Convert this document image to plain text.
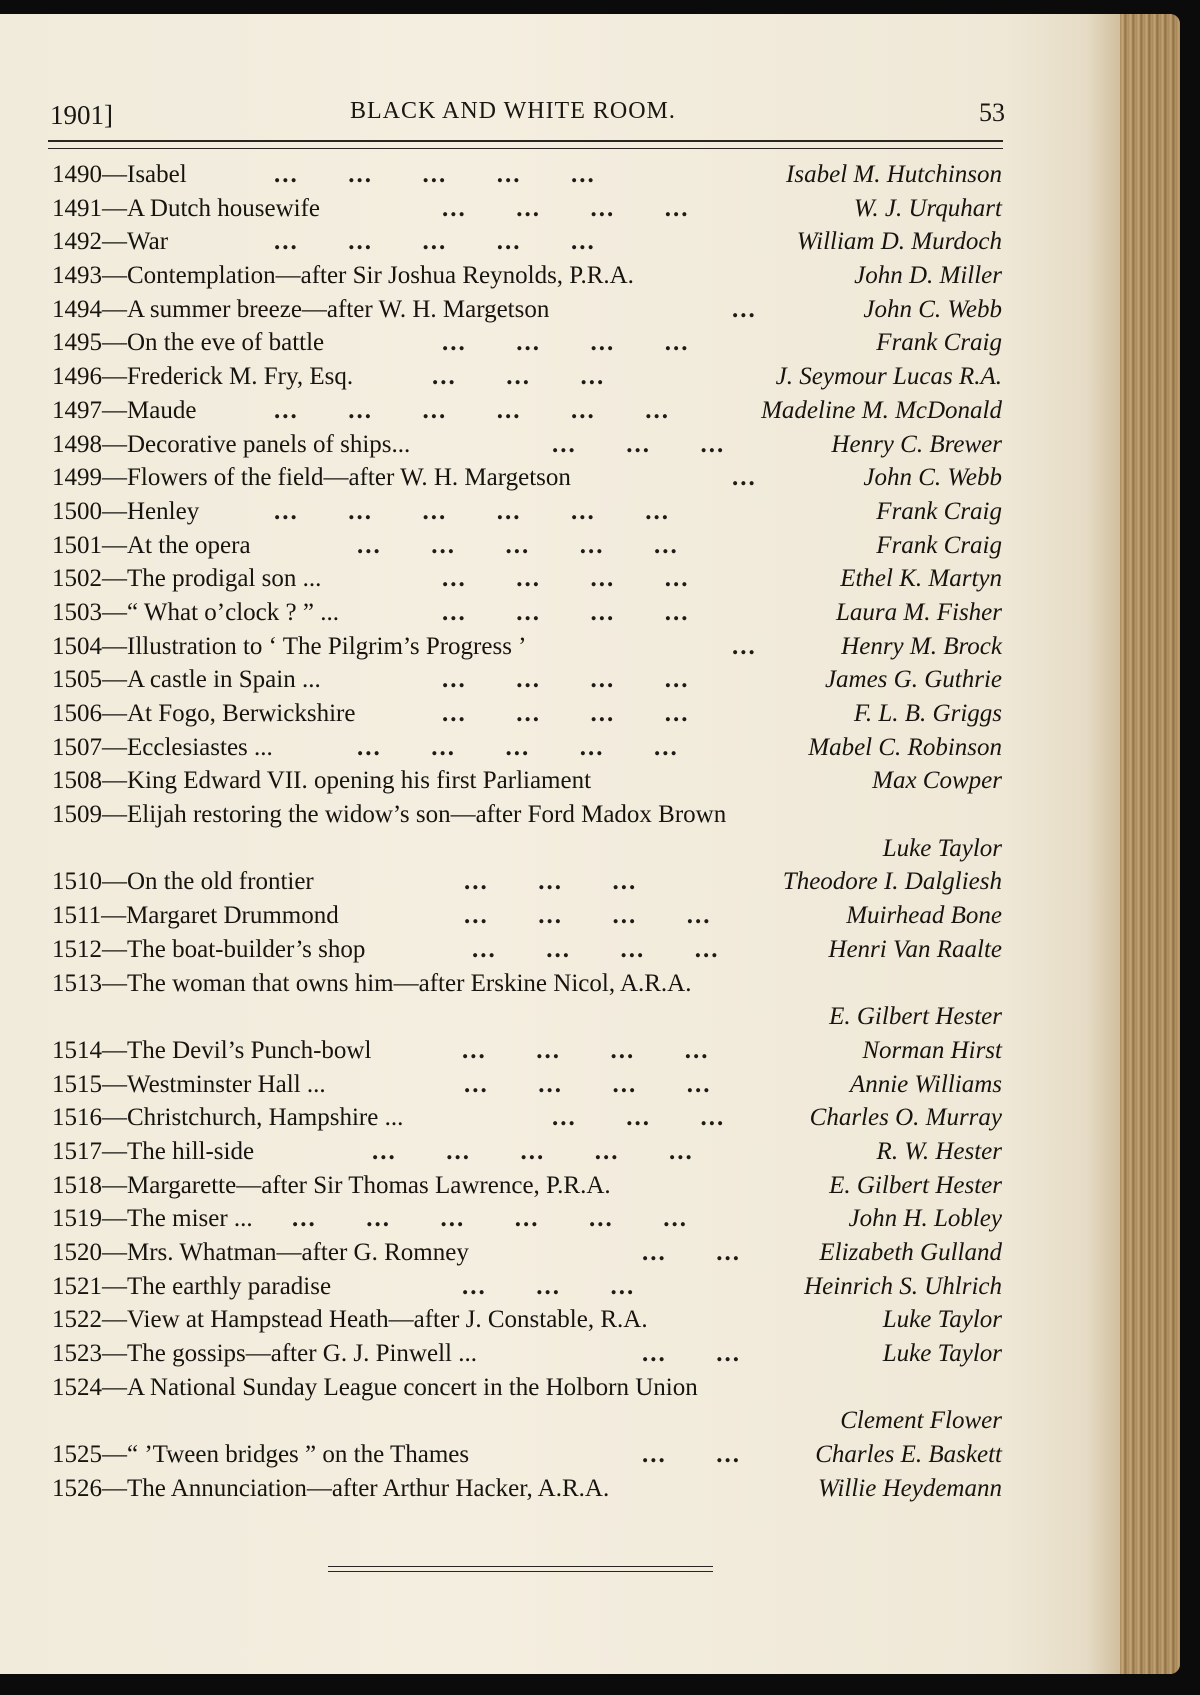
1901]	BLACK AND WHITE ROOM.	53
1490—Isabel	...      ...      ...      ...      ...	Isabel M. Hutchinson
1491—A Dutch housewife	...      ...      ...      ...	W. J. Urquhart
1492—War	...      ...      ...      ...      ...	William D. Murdoch
1493—Contemplation—after Sir Joshua Reynolds, P.R.A.	John D. Miller
1494—A summer breeze—after W. H. Margetson	...	John C. Webb
1495—On the eve of battle	...      ...      ...      ...	Frank Craig
1496—Frederick M. Fry, Esq.	...      ...      ...	J. Seymour Lucas R.A.
1497—Maude	...      ...      ...      ...      ...      ...	Madeline M. McDonald
1498—Decorative panels of ships...	...      ...      ...	Henry C. Brewer
1499—Flowers of the field—after W. H. Margetson	...	John C. Webb
1500—Henley	...      ...      ...      ...      ...      ...	Frank Craig
1501—At the opera	...      ...      ...      ...      ...	Frank Craig
1502—The prodigal son ...	...      ...      ...      ...	Ethel K. Martyn
1503—“ What o’clock ? ” ...	...      ...      ...      ...	Laura M. Fisher
1504—Illustration to ‘ The Pilgrim’s Progress ’	...	Henry M. Brock
1505—A castle in Spain ...	...      ...      ...      ...	James G. Guthrie
1506—At Fogo, Berwickshire	...      ...      ...      ...	F. L. B. Griggs
1507—Ecclesiastes ...	...      ...      ...      ...      ...	Mabel C. Robinson
1508—King Edward VII. opening his first Parliament	Max Cowper
1509—Elijah restoring the widow’s son—after Ford Madox Brown
Luke Taylor
1510—On the old frontier	...      ...      ...	Theodore I. Dalgliesh
1511—Margaret Drummond	...      ...      ...      ...	Muirhead Bone
1512—The boat-builder’s shop	...      ...      ...      ...	Henri Van Raalte
1513—The woman that owns him—after Erskine Nicol, A.R.A.
E. Gilbert Hester
1514—The Devil’s Punch-bowl	...      ...      ...      ...	Norman Hirst
1515—Westminster Hall ...	...      ...      ...      ...	Annie Williams
1516—Christchurch, Hampshire ...	...      ...      ...	Charles O. Murray
1517—The hill-side	...      ...      ...      ...      ...	R. W. Hester
1518—Margarette—after Sir Thomas Lawrence, P.R.A.	E. Gilbert Hester
1519—The miser ... ...      ...      ...      ...      ...      ...	John H. Lobley
1520—Mrs. Whatman—after G. Romney	...      ...	Elizabeth Gulland
1521—The earthly paradise	...      ...      ...	Heinrich S. Uhlrich
1522—View at Hampstead Heath—after J. Constable, R.A.	Luke Taylor
1523—The gossips—after G. J. Pinwell ...	...      ...	Luke Taylor
1524—A National Sunday League concert in the Holborn Union
Clement Flower
1525—“ ’Tween bridges ” on the Thames	...      ...	Charles E. Baskett
1526—The Annunciation—after Arthur Hacker, A.R.A.	Willie Heydemann
